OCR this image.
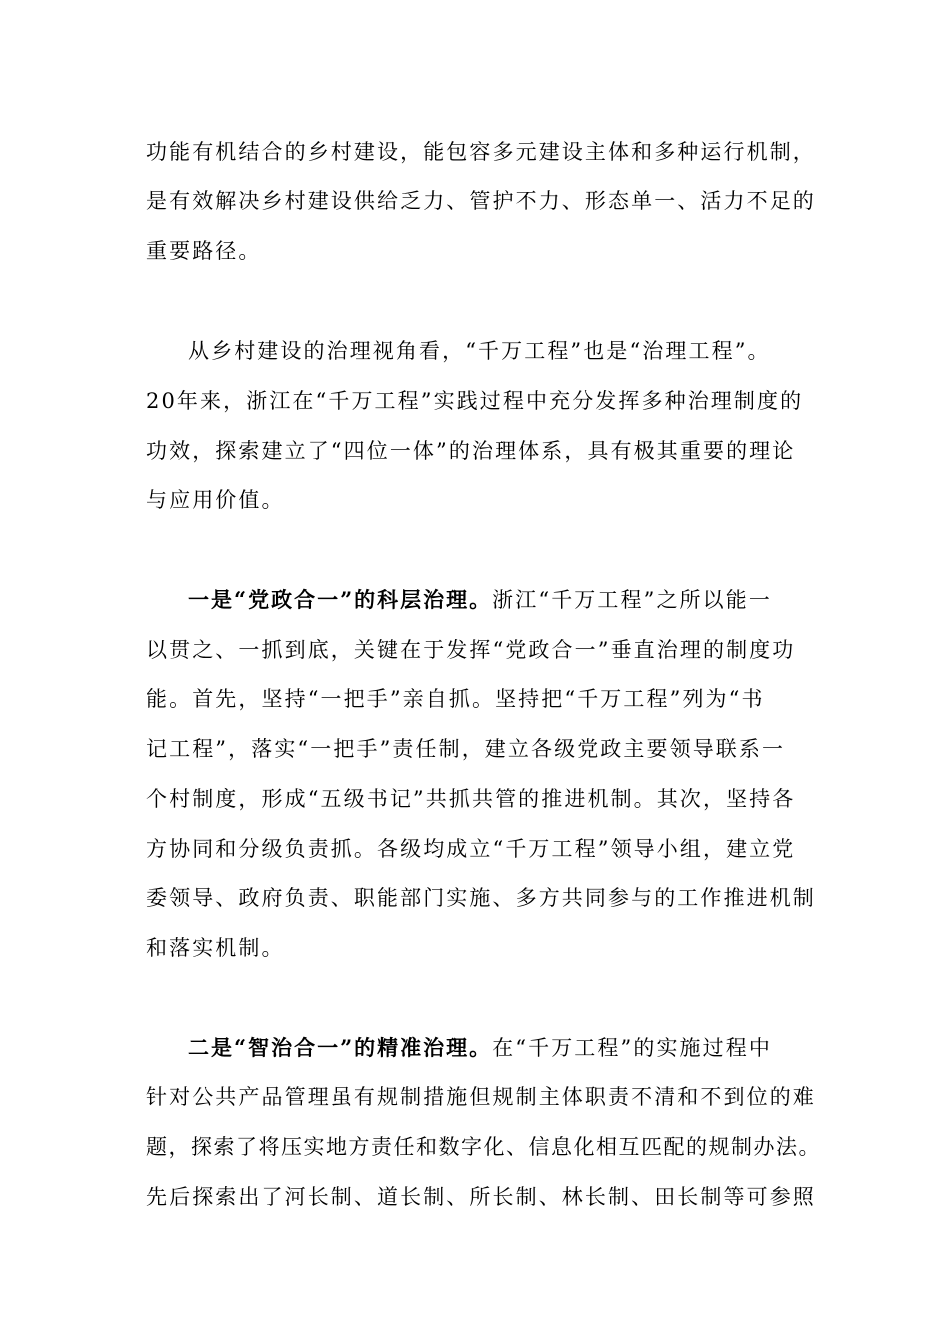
功能有机结合的乡村建设，能包容多元建设主体和多种运行机制，
是有效解决乡村建设供给乏力、管护不力、形态单一、活力不足的
重要路径。
从乡村建设的治理视角看，“千万工程”也是“治理工程”。
20年来，浙江在“千万工程”实践过程中充分发挥多种治理制度的
功效，探索建立了“四位一体”的治理体系，具有极其重要的理论
与应用价值。
一是“党政合一”的科层治理。浙江“千万工程”之所以能一
以贯之、一抓到底，关键在于发挥“党政合一”垂直治理的制度功
能。首先，坚持“一把手”亲自抓。坚持把“千万工程”列为“书
记工程”，落实“一把手”责任制，建立各级党政主要领导联系一
个村制度，形成“五级书记”共抓共管的推进机制。其次，坚持各
方协同和分级负责抓。各级均成立“千万工程”领导小组，建立党
委领导、政府负责、职能部门实施、多方共同参与的工作推进机制
和落实机制。
二是“智治合一”的精准治理。在“千万工程”的实施过程中
针对公共产品管理虽有规制措施但规制主体职责不清和不到位的难
题，探索了将压实地方责任和数字化、信息化相互匹配的规制办法。
先后探索出了河长制、道长制、所长制、林长制、田长制等可参照
